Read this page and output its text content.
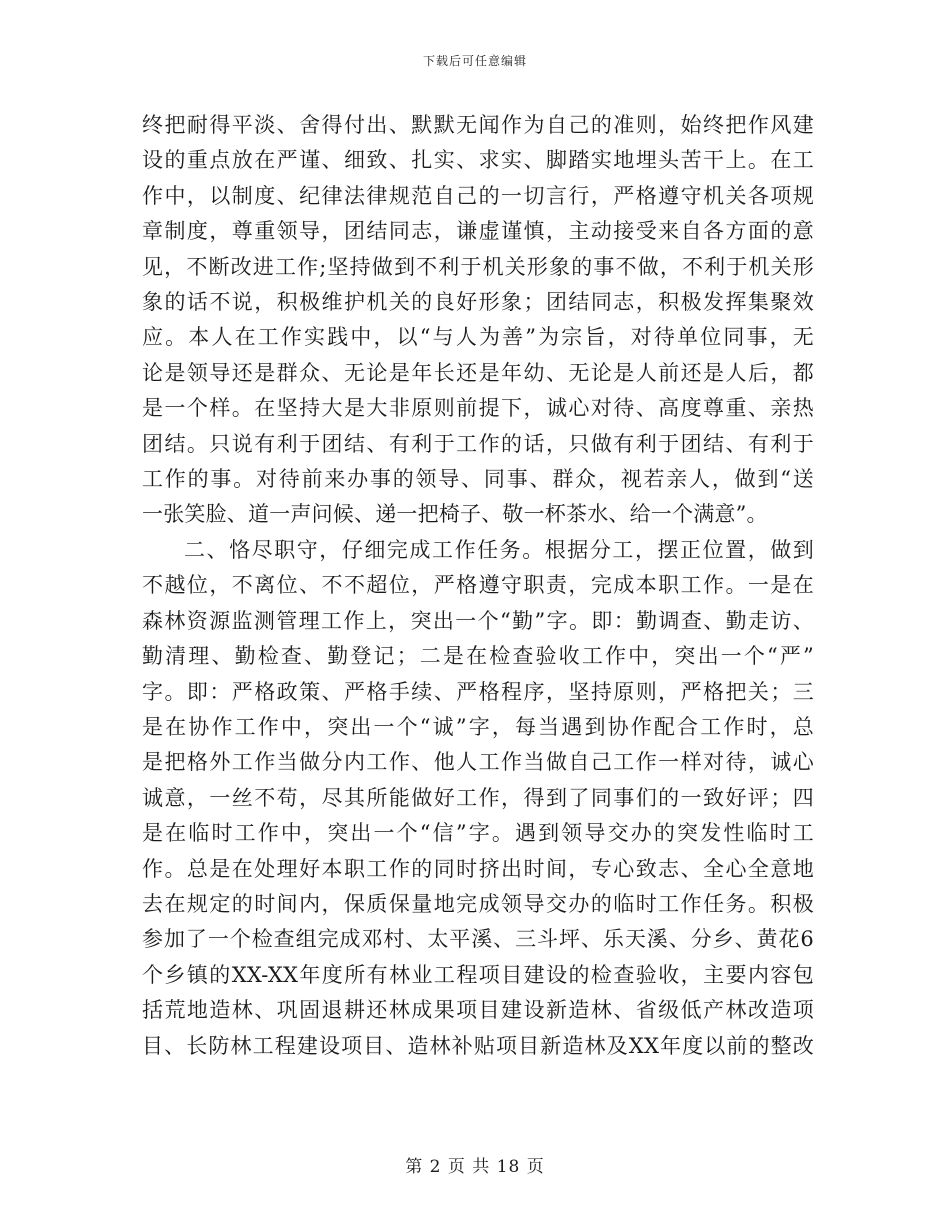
下载后可任意编辑

终把耐得平淡、舍得付出、默默无闻作为自己的准则，始终把作风建
设的重点放在严谨、细致、扎实、求实、脚踏实地埋头苦干上。在工
作中，以制度、纪律法律规范自己的一切言行，严格遵守机关各项规
章制度，尊重领导，团结同志，谦虚谨慎，主动接受来自各方面的意
见，不断改进工作;坚持做到不利于机关形象的事不做，不利于机关形
象的话不说，积极维护机关的良好形象；团结同志，积极发挥集聚效
应。本人在工作实践中，以“与人为善”为宗旨，对待单位同事，无
论是领导还是群众、无论是年长还是年幼、无论是人前还是人后，都
是一个样。在坚持大是大非原则前提下，诚心对待、高度尊重、亲热
团结。只说有利于团结、有利于工作的话，只做有利于团结、有利于
工作的事。对待前来办事的领导、同事、群众，视若亲人，做到“送
一张笑脸、道一声问候、递一把椅子、敬一杯茶水、给一个满意”。

二、恪尽职守，仔细完成工作任务。根据分工，摆正位置，做到
不越位，不离位、不不超位，严格遵守职责，完成本职工作。一是在
森林资源监测管理工作上，突出一个“勤”字。即：勤调查、勤走访、
勤清理、勤检查、勤登记；二是在检查验收工作中，突出一个“严”
字。即：严格政策、严格手续、严格程序，坚持原则，严格把关；三
是在协作工作中，突出一个“诚”字，每当遇到协作配合工作时，总
是把格外工作当做分内工作、他人工作当做自己工作一样对待，诚心
诚意，一丝不苟，尽其所能做好工作，得到了同事们的一致好评；四
是在临时工作中，突出一个“信”字。遇到领导交办的突发性临时工
作。总是在处理好本职工作的同时挤出时间，专心致志、全心全意地
去在规定的时间内，保质保量地完成领导交办的临时工作任务。积极
参加了一个检查组完成邓村、太平溪、三斗坪、乐天溪、分乡、黄花6
个乡镇的XX-XX年度所有林业工程项目建设的检查验收，主要内容包
括荒地造林、巩固退耕还林成果项目建设新造林、省级低产林改造项
目、长防林工程建设项目、造林补贴项目新造林及XX年度以前的整改

第 2 页 共 18 页
